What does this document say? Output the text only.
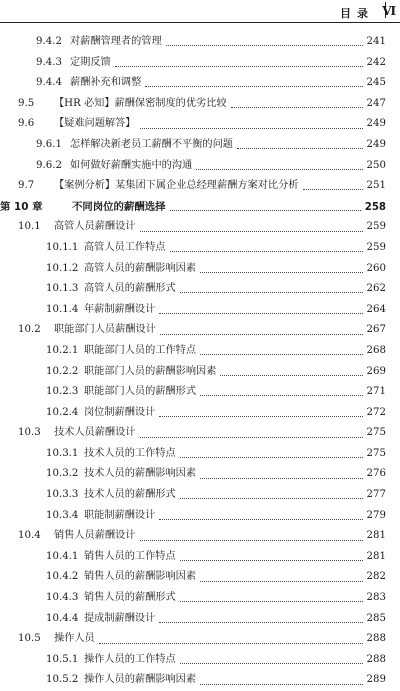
目录 Ⅵ
9.4.2 对薪酬管理者的管理	241
9.4.3 定期反馈	242
9.4.4 薪酬补充和调整	245
9.5	【HR 必知】薪酬保密制度的优劣比较	247
9.6	【疑难问题解答】	249
9.6.1 怎样解决新老员工薪酬不平衡的问题	249
9.6.2 如何做好薪酬实施中的沟通	250
9.7	【案例分析】某集团下属企业总经理薪酬方案对比分析	251
第 10 章	不同岗位的薪酬选择	258
10.1	高管人员薪酬设计	259
10.1.1 高管人员工作特点	259
10.1.2 高管人员的薪酬影响因素	260
10.1.3 高管人员的薪酬形式	262
10.1.4 年薪制薪酬设计	264
10.2	职能部门人员薪酬设计	267
10.2.1 职能部门人员的工作特点	268
10.2.2 职能部门人员的薪酬影响因素	269
10.2.3 职能部门人员的薪酬形式	271
10.2.4 岗位制薪酬设计	272
10.3	技术人员薪酬设计	275
10.3.1 技术人员的工作特点	275
10.3.2 技术人员的薪酬影响因素	276
10.3.3 技术人员的薪酬形式	277
10.3.4 职能制薪酬设计	279
10.4	销售人员薪酬设计	281
10.4.1 销售人员的工作特点	281
10.4.2 销售人员的薪酬影响因素	282
10.4.3 销售人员的薪酬形式	283
10.4.4 提成制薪酬设计	285
10.5	操作人员	288
10.5.1 操作人员的工作特点	288
10.5.2 操作人员的薪酬影响因素	289
